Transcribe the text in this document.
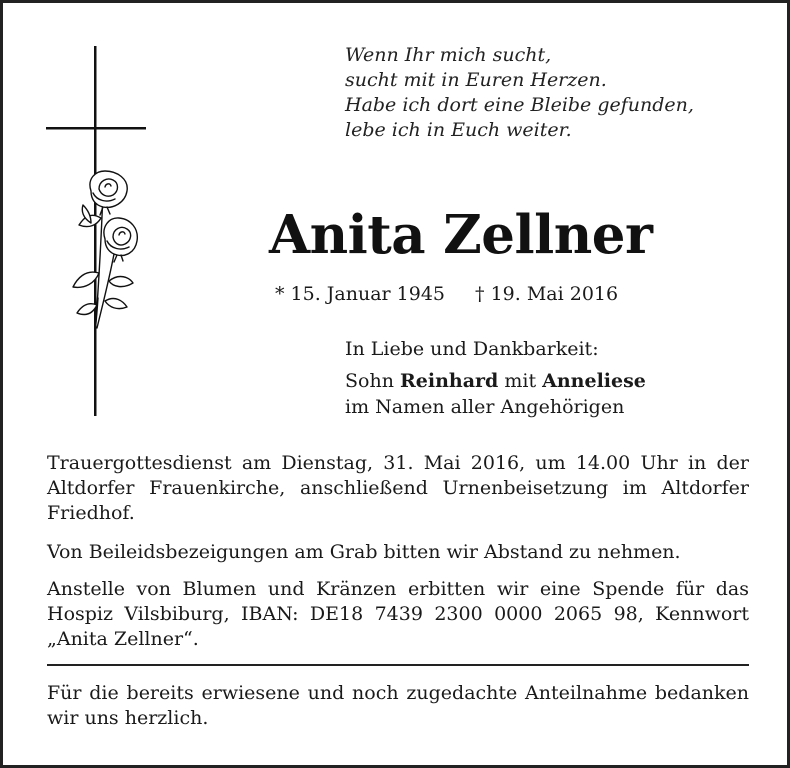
Wenn Ihr mich sucht,
sucht mit in Euren Herzen.
Habe ich dort eine Bleibe gefunden,
lebe ich in Euch weiter.
Anita Zellner
* 15. Januar 1945 † 19. Mai 2016
In Liebe und Dankbarkeit:
Sohn Reinhard mit Anneliese
im Namen aller Angehörigen
Trauergottesdienst am Dienstag, 31. Mai 2016, um 14.00 Uhr in der Altdorfer Frauenkirche, anschließend Urnenbeisetzung im Altdorfer Friedhof.
Von Beileidsbezeigungen am Grab bitten wir Abstand zu nehmen.
Anstelle von Blumen und Kränzen erbitten wir eine Spende für das Hospiz Vilsbiburg, IBAN: DE18 7439 2300 0000 2065 98, Kennwort „Anita Zellner“.
Für die bereits erwiesene und noch zugedachte Anteilnahme bedanken wir uns herzlich.
